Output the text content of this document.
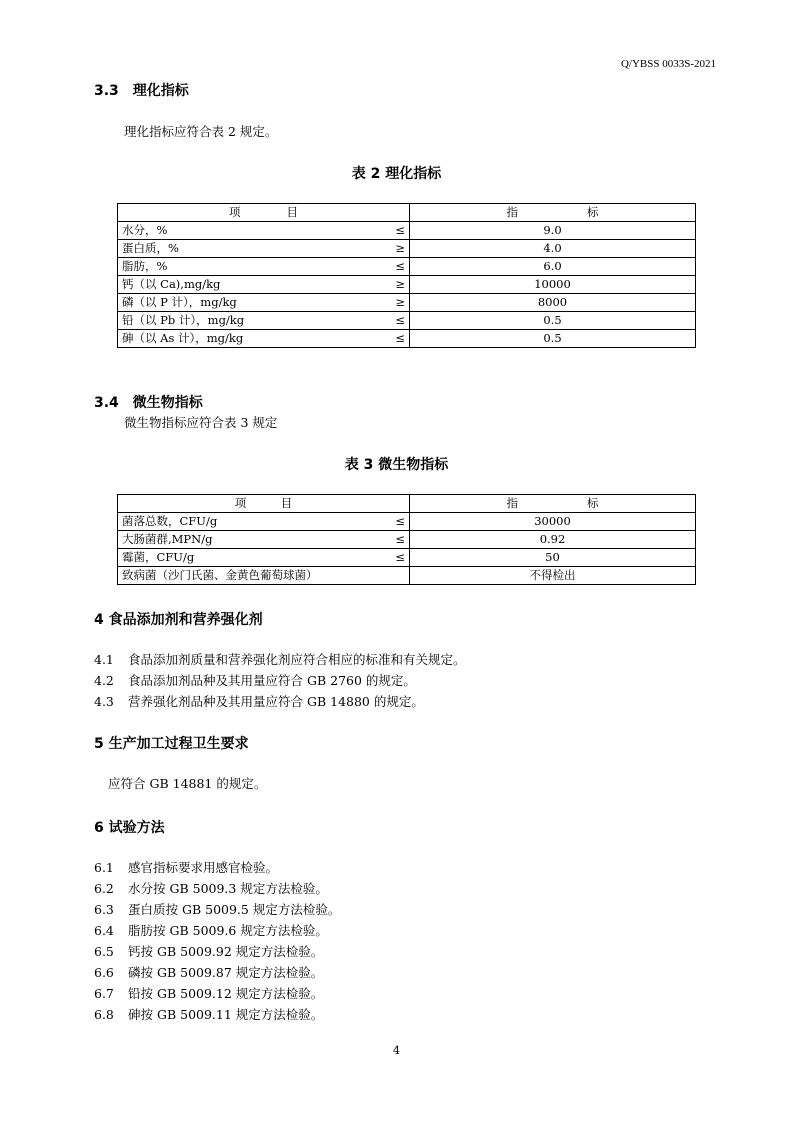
Q/YBSS 0033S-2021
3.3　理化指标
理化指标应符合表 2 规定。
表 2 理化指标
项　　　　目		指　　　　　　标
水分，%	≤	9.0
蛋白质，%	≥	4.0
脂肪，%	≤	6.0
钙（以 Ca),mg/kg	≥	10000
磷（以 P 计），mg/kg	≥	8000
铅（以 Pb 计），mg/kg	≤	0.5
砷（以 As 计），mg/kg	≤	0.5
3.4　微生物指标
微生物指标应符合表 3 规定
表 3 微生物指标
项　　　目		指　　　　　　标
菌落总数，CFU/g	≤	30000
大肠菌群,MPN/g	≤	0.92
霉菌，CFU/g	≤	50
致病菌（沙门氏菌、金黄色葡萄球菌）		不得检出
4 食品添加剂和营养强化剂
4.1 食品添加剂质量和营养强化剂应符合相应的标准和有关规定。
4.2 食品添加剂品种及其用量应符合 GB 2760 的规定。
4.3 营养强化剂品种及其用量应符合 GB 14880 的规定。
5 生产加工过程卫生要求
应符合 GB 14881 的规定。
6 试验方法
6.1 感官指标要求用感官检验。
6.2 水分按 GB 5009.3 规定方法检验。
6.3 蛋白质按 GB 5009.5 规定方法检验。
6.4 脂肪按 GB 5009.6 规定方法检验。
6.5 钙按 GB 5009.92 规定方法检验。
6.6 磷按 GB 5009.87 规定方法检验。
6.7 铅按 GB 5009.12 规定方法检验。
6.8 砷按 GB 5009.11 规定方法检验。
4
